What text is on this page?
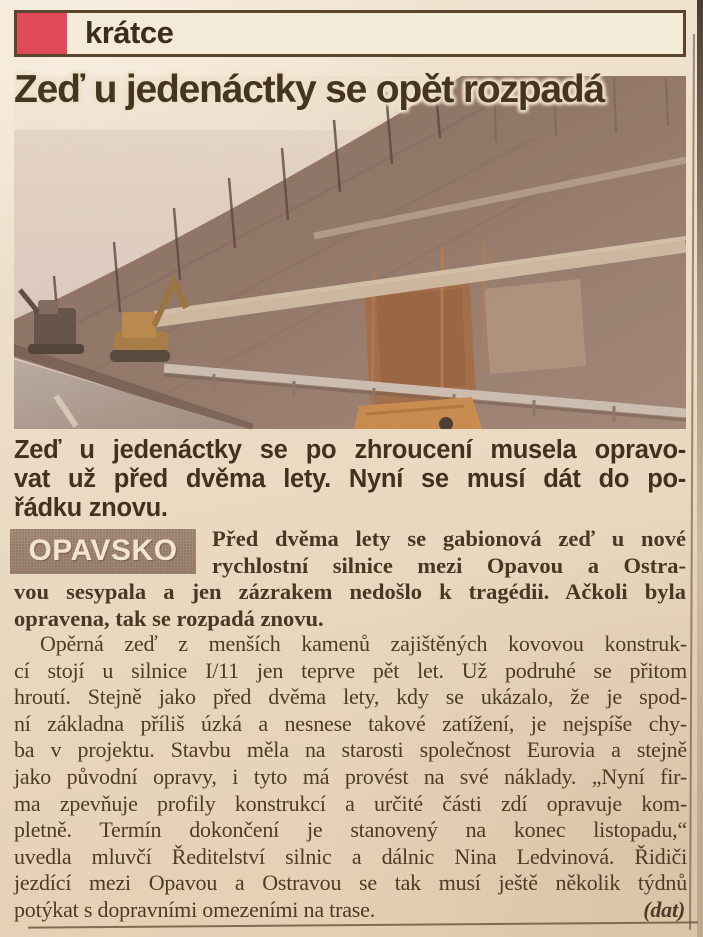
krátce
Zeď u jedenáctky se opět rozpadá
Zeď u jedenáctky se po zhroucení musela opravo-
vat už před dvěma lety. Nyní se musí dát do po-
řádku znovu.
OPAVSKO Před dvěma lety se gabionová zeď u nové
rychlostní silnice mezi Opavou a Ostra-
vou sesypala a jen zázrakem nedošlo k tragédii. Ačkoli byla
opravena, tak se rozpadá znovu.
Opěrná zeď z menších kamenů zajištěných kovovou konstruk-
cí stojí u silnice I/11 jen teprve pět let. Už podruhé se přitom
hroutí. Stejně jako před dvěma lety, kdy se ukázalo, že je spod-
ní základna příliš úzká a nesnese takové zatížení, je nejspíše chy-
ba v projektu. Stavbu měla na starosti společnost Eurovia a stejně
jako původní opravy, i tyto má provést na své náklady. „Nyní fir-
ma zpevňuje profily konstrukcí a určité části zdí opravuje kom-
pletně. Termín dokončení je stanovený na konec listopadu,“
uvedla mluvčí Ředitelství silnic a dálnic Nina Ledvinová. Řidiči
jezdící mezi Opavou a Ostravou se tak musí ještě několik týdnů
potýkat s dopravními omezeními na trase.	(dat)
